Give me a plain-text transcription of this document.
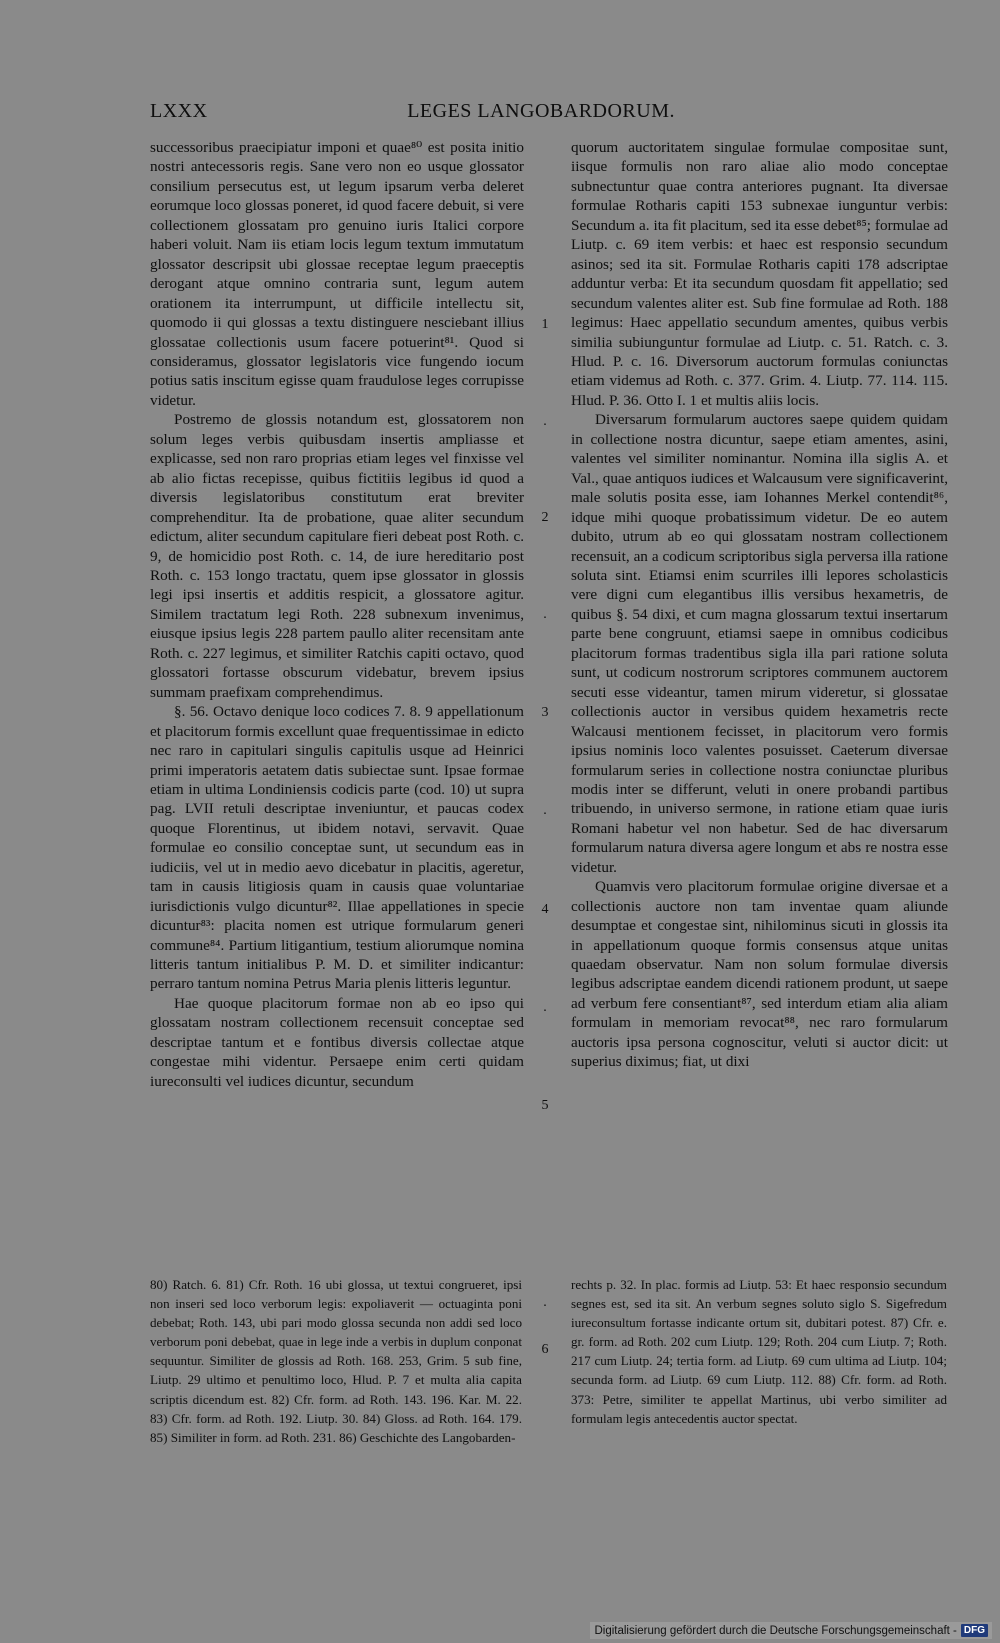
LXXX	LEGES LANGOBARDORUM.

successoribus praecipiatur imponi et quae⁸⁰ est posita initio nostri antecessoris regis. Sane vero non eo usque glossator consilium persecutus est, ut legum ipsarum verba deleret eorumque loco glossas poneret, id quod facere debuit, si vere collectionem glossatam pro genuino iuris Italici corpore haberi voluit. Nam iis etiam locis legum textum immutatum glossator descripsit ubi glossae receptae legum praeceptis derogant atque omnino contraria sunt, legum autem orationem ita interrumpunt, ut difficile intellectu sit, quomodo ii qui glossas a textu distinguere nesciebant illius glossatae collectionis usum facere potuerint⁸¹. Quod si consideramus, glossator legislatoris vice fungendo iocum potius satis inscitum egisse quam fraudulose leges corrupisse videtur.

Postremo de glossis notandum est, glossatorem non solum leges verbis quibusdam insertis ampliasse et explicasse, sed non raro proprias etiam leges vel finxisse vel ab alio fictas recepisse, quibus fictitiis legibus id quod a diversis legislatoribus constitutum erat breviter comprehenditur. Ita de probatione, quae aliter secundum edictum, aliter secundum capitulare fieri debeat post Roth. c. 9, de homicidio post Roth. c. 14, de iure hereditario post Roth. c. 153 longo tractatu, quem ipse glossator in glossis legi ipsi insertis et additis respicit, a glossatore agitur. Similem tractatum legi Roth. 228 subnexum invenimus, eiusque ipsius legis 228 partem paullo aliter recensitam ante Roth. c. 227 legimus, et similiter Ratchis capiti octavo, quod glossatori fortasse obscurum videbatur, brevem ipsius summam praefixam comprehendimus.

§. 56. Octavo denique loco codices 7. 8. 9 appellationum et placitorum formis excellunt quae frequentissimae in edicto nec raro in capitulari singulis capitulis usque ad Heinrici primi imperatoris aetatem datis subiectae sunt. Ipsae formae etiam in ultima Londiniensis codicis parte (cod. 10) ut supra pag. LVII retuli descriptae inveniuntur, et paucas codex quoque Florentinus, ut ibidem notavi, servavit. Quae formulae eo consilio conceptae sunt, ut secundum eas in iudiciis, vel ut in medio aevo dicebatur in placitis, ageretur, tam in causis litigiosis quam in causis quae voluntariae iurisdictionis vulgo dicuntur⁸². Illae appellationes in specie dicuntur⁸³: placita nomen est utrique formularum generi commune⁸⁴. Partium litigantium, testium aliorumque nomina litteris tantum initialibus P. M. D. et similiter indicantur: perraro tantum nomina Petrus Maria plenis litteris leguntur.

Hae quoque placitorum formae non ab eo ipso qui glossatam nostram collectionem recensuit conceptae sed descriptae tantum et e fontibus diversis collectae atque congestae mihi videntur. Persaepe enim certi quidam iureconsulti vel iudices dicuntur, secundum

1
.
2
.
3
.
4
.
5
.
6

quorum auctoritatem singulae formulae compositae sunt, iisque formulis non raro aliae alio modo conceptae subnectuntur quae contra anteriores pugnant. Ita diversae formulae Rotharis capiti 153 subnexae iunguntur verbis: Secundum a. ita fit placitum, sed ita esse debet⁸⁵; formulae ad Liutp. c. 69 item verbis: et haec est responsio secundum asinos; sed ita sit. Formulae Rotharis capiti 178 adscriptae adduntur verba: Et ita secundum quosdam fit appellatio; sed secundum valentes aliter est. Sub fine formulae ad Roth. 188 legimus: Haec appellatio secundum amentes, quibus verbis similia subiunguntur formulae ad Liutp. c. 51. Ratch. c. 3. Hlud. P. c. 16. Diversorum auctorum formulas coniunctas etiam videmus ad Roth. c. 377. Grim. 4. Liutp. 77. 114. 115. Hlud. P. 36. Otto I. 1 et multis aliis locis.

Diversarum formularum auctores saepe quidem quidam in collectione nostra dicuntur, saepe etiam amentes, asini, valentes vel similiter nominantur. Nomina illa siglis A. et Val., quae antiquos iudices et Walcausum vere significaverint, male solutis posita esse, iam Iohannes Merkel contendit⁸⁶, idque mihi quoque probatissimum videtur. De eo autem dubito, utrum ab eo qui glossatam nostram collectionem recensuit, an a codicum scriptoribus sigla perversa illa ratione soluta sint. Etiamsi enim scurriles illi lepores scholasticis vere digni cum elegantibus illis versibus hexametris, de quibus §. 54 dixi, et cum magna glossarum textui insertarum parte bene congruunt, etiamsi saepe in omnibus codicibus placitorum formas tradentibus sigla illa pari ratione soluta sunt, ut codicum nostrorum scriptores communem auctorem secuti esse videantur, tamen mirum videretur, si glossatae collectionis auctor in versibus quidem hexametris recte Walcausi mentionem fecisset, in placitorum vero formis ipsius nominis loco valentes posuisset. Caeterum diversae formularum series in collectione nostra coniunctae pluribus modis inter se differunt, veluti in onere probandi partibus tribuendo, in universo sermone, in ratione etiam quae iuris Romani habetur vel non habetur. Sed de hac diversarum formularum natura diversa agere longum et abs re nostra esse videtur.

Quamvis vero placitorum formulae origine diversae et a collectionis auctore non tam inventae quam aliunde desumptae et congestae sint, nihilominus sicuti in glossis ita in appellationum quoque formis consensus atque unitas quaedam observatur. Nam non solum formulae diversis legibus adscriptae eandem dicendi rationem produnt, ut saepe ad verbum fere consentiant⁸⁷, sed interdum etiam alia aliam formulam in memoriam revocat⁸⁸, nec raro formularum auctoris ipsa persona cognoscitur, veluti si auctor dicit: ut superius diximus; fiat, ut dixi

80) Ratch. 6. 81) Cfr. Roth. 16 ubi glossa, ut textui congrueret, ipsi non inseri sed loco verborum legis: expoliaverit — octuaginta poni debebat; Roth. 143, ubi pari modo glossa secunda non addi sed loco verborum poni debebat, quae in lege inde a verbis in duplum conponat sequuntur. Similiter de glossis ad Roth. 168. 253, Grim. 5 sub fine, Liutp. 29 ultimo et penultimo loco, Hlud. P. 7 et multa alia capita scriptis dicendum est. 82) Cfr. form. ad Roth. 143. 196. Kar. M. 22. 83) Cfr. form. ad Roth. 192. Liutp. 30. 84) Gloss. ad Roth. 164. 179. 85) Similiter in form. ad Roth. 231. 86) Geschichte des Langobarden-

rechts p. 32. In plac. formis ad Liutp. 53: Et haec responsio secundum segnes est, sed ita sit. An verbum segnes soluto siglo S. Sigefredum iureconsultum fortasse indicante ortum sit, dubitari potest. 87) Cfr. e. gr. form. ad Roth. 202 cum Liutp. 129; Roth. 204 cum Liutp. 7; Roth. 217 cum Liutp. 24; tertia form. ad Liutp. 69 cum ultima ad Liutp. 104; secunda form. ad Liutp. 69 cum Liutp. 112. 88) Cfr. form. ad Roth. 373: Petre, similiter te appellat Martinus, ubi verbo similiter ad formulam legis antecedentis auctor spectat.

Digitalisierung gefördert durch die Deutsche Forschungsgemeinschaft - DFG
